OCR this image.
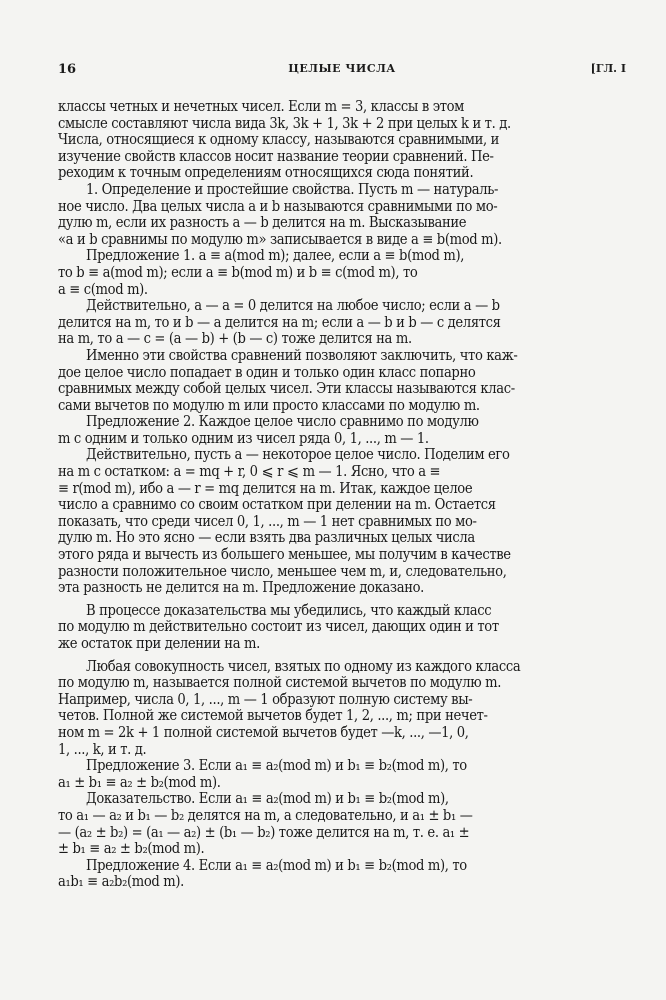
16	ЦЕЛЫЕ ЧИСЛА	[ГЛ. I
классы четных и нечетных чисел. Если m = 3, классы в этом
смысле составляют числа вида 3k, 3k + 1, 3k + 2 при целых k и т. д.
Числа, относящиеся к одному классу, называются сравнимыми, и
изучение свойств классов носит название теории сравнений. Пе-
реходим к точным определениям относящихся сюда понятий.
1. Определение и простейшие свойства. Пусть m — натураль-
ное число. Два целых числа a и b называются сравнимыми по мо-
дулю m, если их разность a — b делится на m. Высказывание
«a и b сравнимы по модулю m» записывается в виде a ≡ b(mod m).
Предложение 1. a ≡ a(mod m); далее, если a ≡ b(mod m),
то b ≡ a(mod m); если a ≡ b(mod m) и b ≡ c(mod m), то
a ≡ c(mod m).
Действительно, a — a = 0 делится на любое число; если a — b
делится на m, то и b — a делится на m; если a — b и b — c делятся
на m, то a — c = (a — b) + (b — c) тоже делится на m.
Именно эти свойства сравнений позволяют заключить, что каж-
дое целое число попадает в один и только один класс попарно
сравнимых между собой целых чисел. Эти классы называются клас-
сами вычетов по модулю m или просто классами по модулю m.
Предложение 2. Каждое целое число сравнимо по модулю
m с одним и только одним из чисел ряда 0, 1, ..., m — 1.
Действительно, пусть a — некоторое целое число. Поделим его
на m с остатком: a = mq + r, 0 ⩽ r ⩽ m — 1. Ясно, что a ≡
≡ r(mod m), ибо a — r = mq делится на m. Итак, каждое целое
число a сравнимо со своим остатком при делении на m. Остается
показать, что среди чисел 0, 1, ..., m — 1 нет сравнимых по мо-
дулю m. Но это ясно — если взять два различных целых числа
этого ряда и вычесть из большего меньшее, мы получим в качестве
разности положительное число, меньшее чем m, и, следовательно,
эта разность не делится на m. Предложение доказано.
В процессе доказательства мы убедились, что каждый класс
по модулю m действительно состоит из чисел, дающих один и тот
же остаток при делении на m.
Любая совокупность чисел, взятых по одному из каждого класса
по модулю m, называется полной системой вычетов по модулю m.
Например, числа 0, 1, ..., m — 1 образуют полную систему вы-
четов. Полной же системой вычетов будет 1, 2, ..., m; при нечет-
ном m = 2k + 1 полной системой вычетов будет —k, ..., —1, 0,
1, ..., k, и т. д.
Предложение 3. Если a₁ ≡ a₂(mod m) и b₁ ≡ b₂(mod m), то
a₁ ± b₁ ≡ a₂ ± b₂(mod m).
Доказательство. Если a₁ ≡ a₂(mod m) и b₁ ≡ b₂(mod m),
то a₁ — a₂ и b₁ — b₂ делятся на m, а следовательно, и a₁ ± b₁ —
— (a₂ ± b₂) = (a₁ — a₂) ± (b₁ — b₂) тоже делится на m, т. е. a₁ ±
± b₁ ≡ a₂ ± b₂(mod m).
Предложение 4. Если a₁ ≡ a₂(mod m) и b₁ ≡ b₂(mod m), то
a₁b₁ ≡ a₂b₂(mod m).
